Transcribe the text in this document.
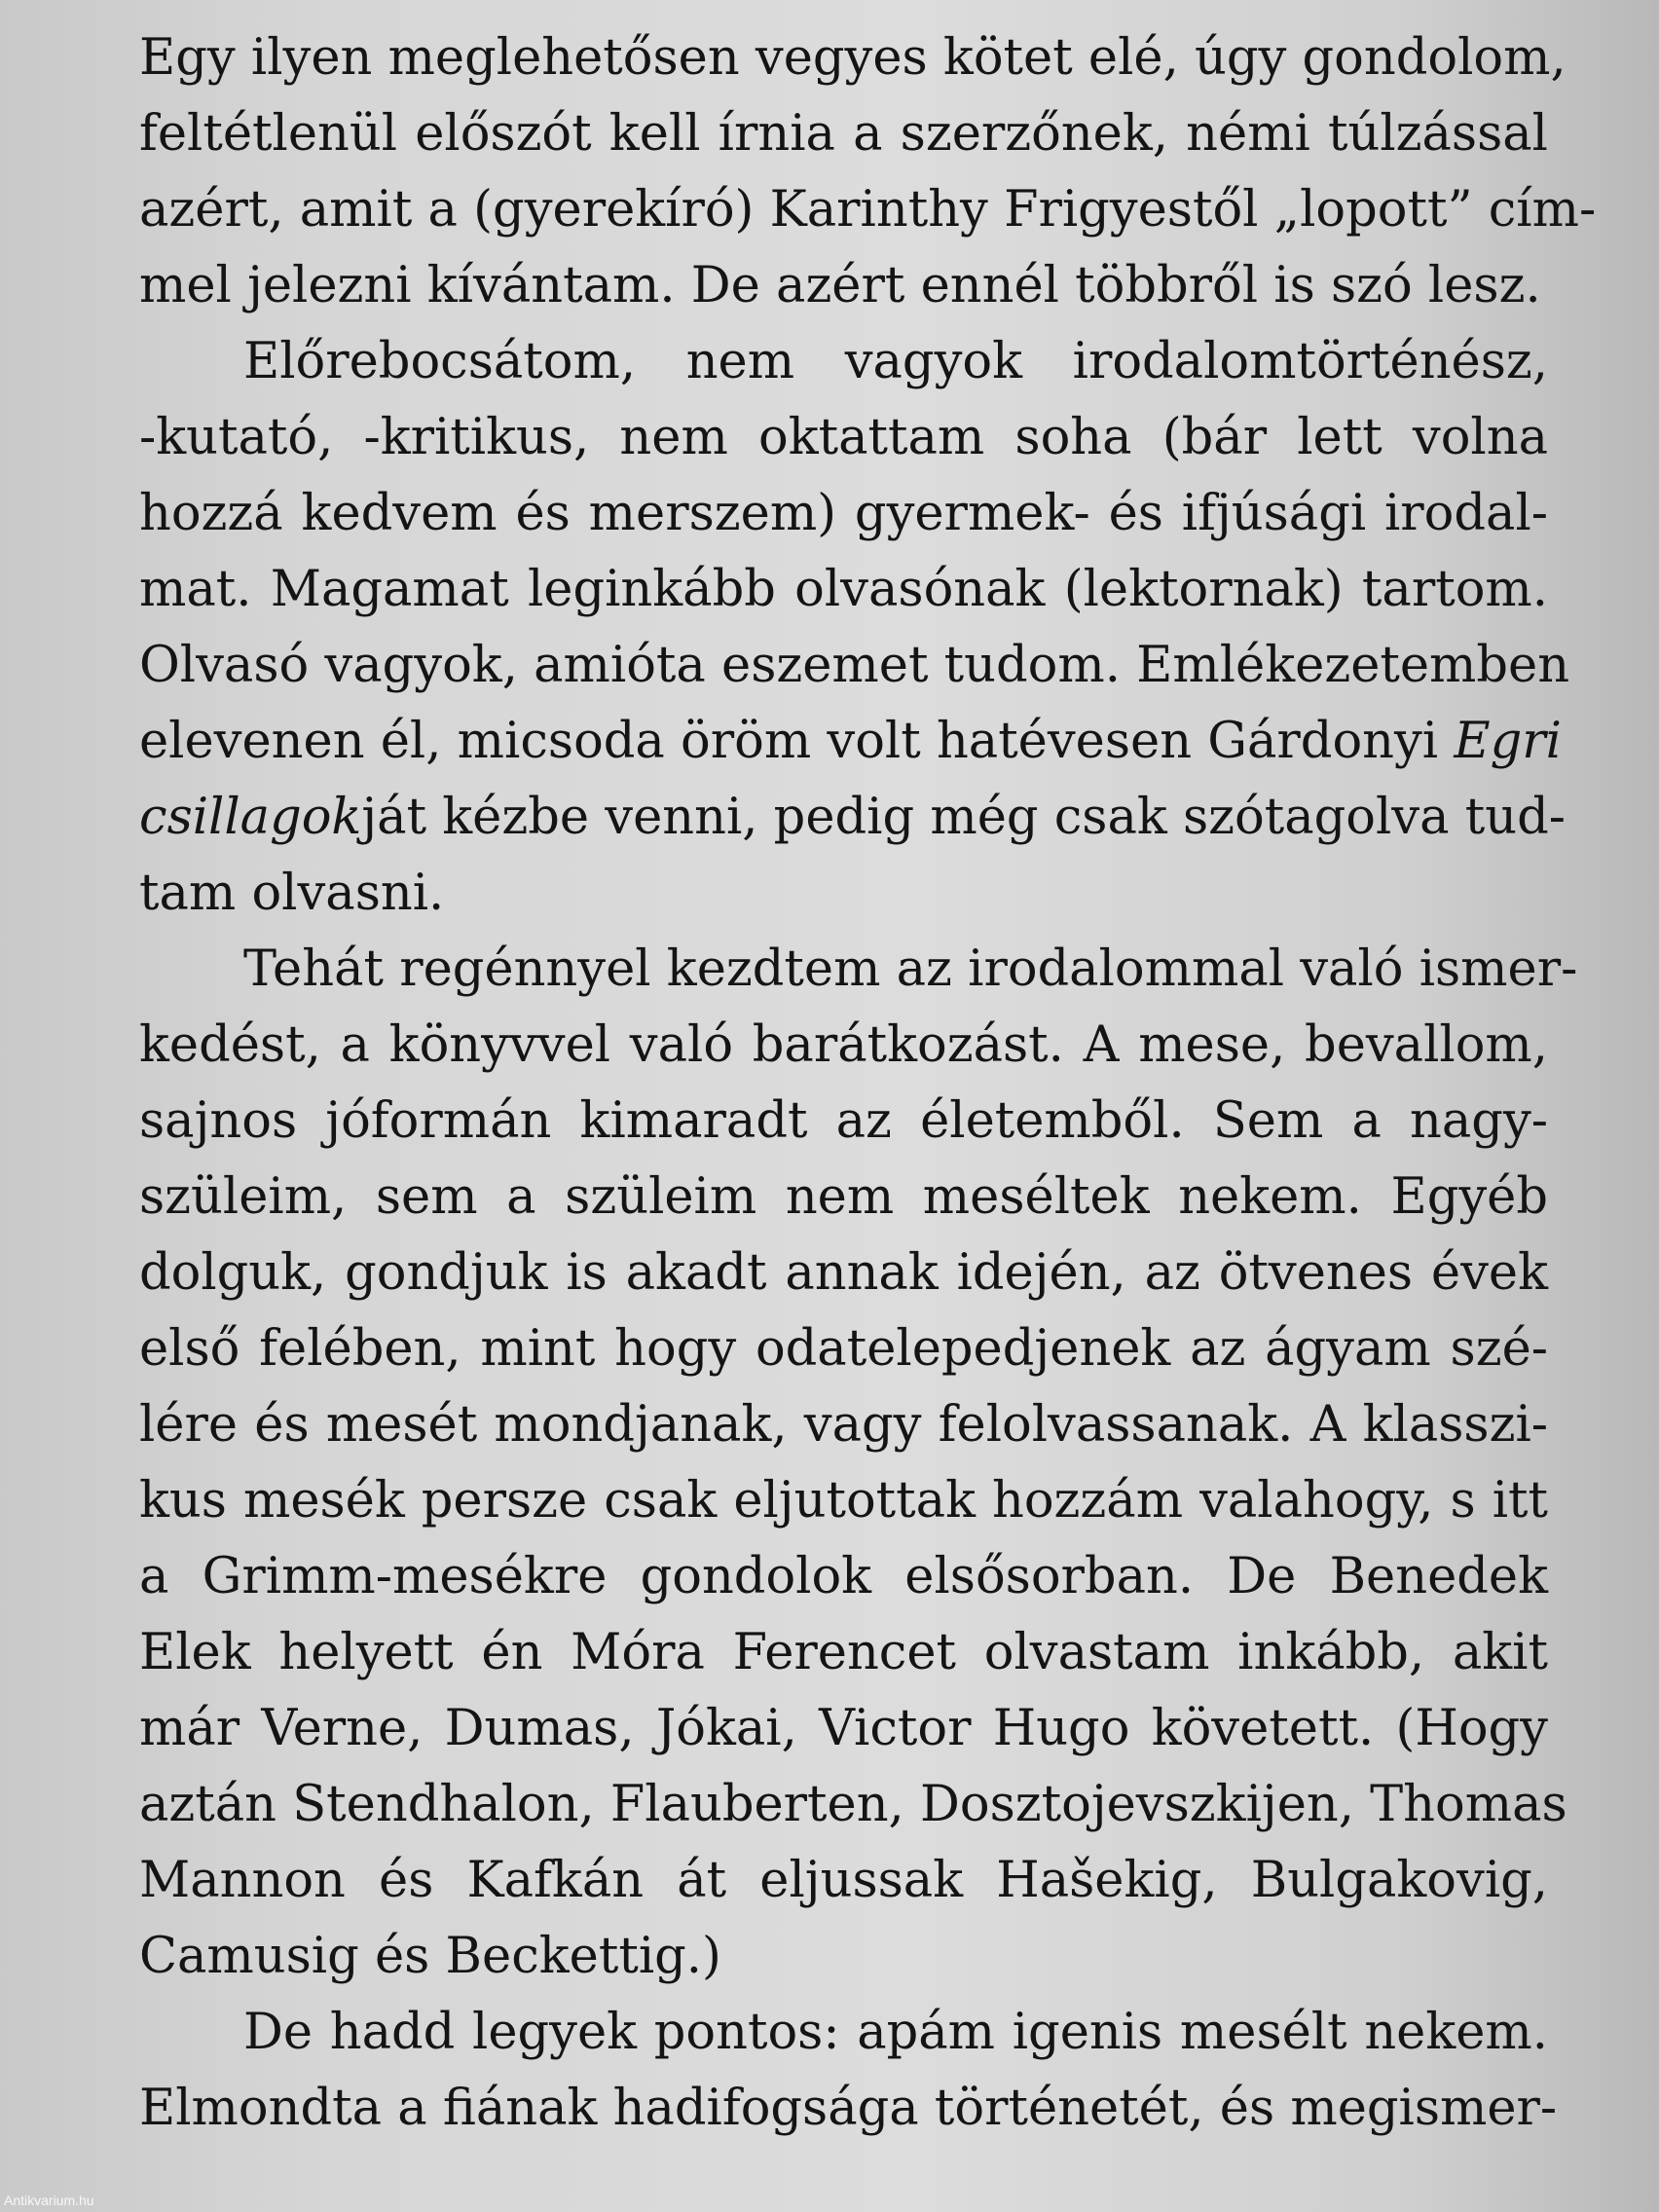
Egy ilyen meglehetősen vegyes kötet elé, úgy gondolom,
feltétlenül előszót kell írnia a szerzőnek, némi túlzással
azért, amit a (gyerekíró) Karinthy Frigyestől „lopott” cím-
mel jelezni kívántam. De azért ennél többről is szó lesz.
Előrebocsátom, nem vagyok irodalomtörténész,
-kutató, -kritikus, nem oktattam soha (bár lett volna
hozzá kedvem és merszem) gyermek- és ifjúsági irodal-
mat. Magamat leginkább olvasónak (lektornak) tartom.
Olvasó vagyok, amióta eszemet tudom. Emlékezetemben
elevenen él, micsoda öröm volt hatévesen Gárdonyi Egri
csillagokját kézbe venni, pedig még csak szótagolva tud-
tam olvasni.
Tehát regénnyel kezdtem az irodalommal való ismer-
kedést, a könyvvel való barátkozást. A mese, bevallom,
sajnos jóformán kimaradt az életemből. Sem a nagy-
szüleim, sem a szüleim nem meséltek nekem. Egyéb
dolguk, gondjuk is akadt annak idején, az ötvenes évek
első felében, mint hogy odatelepedjenek az ágyam szé-
lére és mesét mondjanak, vagy felolvassanak. A klasszi-
kus mesék persze csak eljutottak hozzám valahogy, s itt
a Grimm-mesékre gondolok elsősorban. De Benedek
Elek helyett én Móra Ferencet olvastam inkább, akit
már Verne, Dumas, Jókai, Victor Hugo követett. (Hogy
aztán Stendhalon, Flauberten, Dosztojevszkijen, Thomas
Mannon és Kafkán át eljussak Hašekig, Bulgakovig,
Camusig és Beckettig.)
De hadd legyek pontos: apám igenis mesélt nekem.
Elmondta a fiának hadifogsága történetét, és megismer-
Antikvarium.hu
